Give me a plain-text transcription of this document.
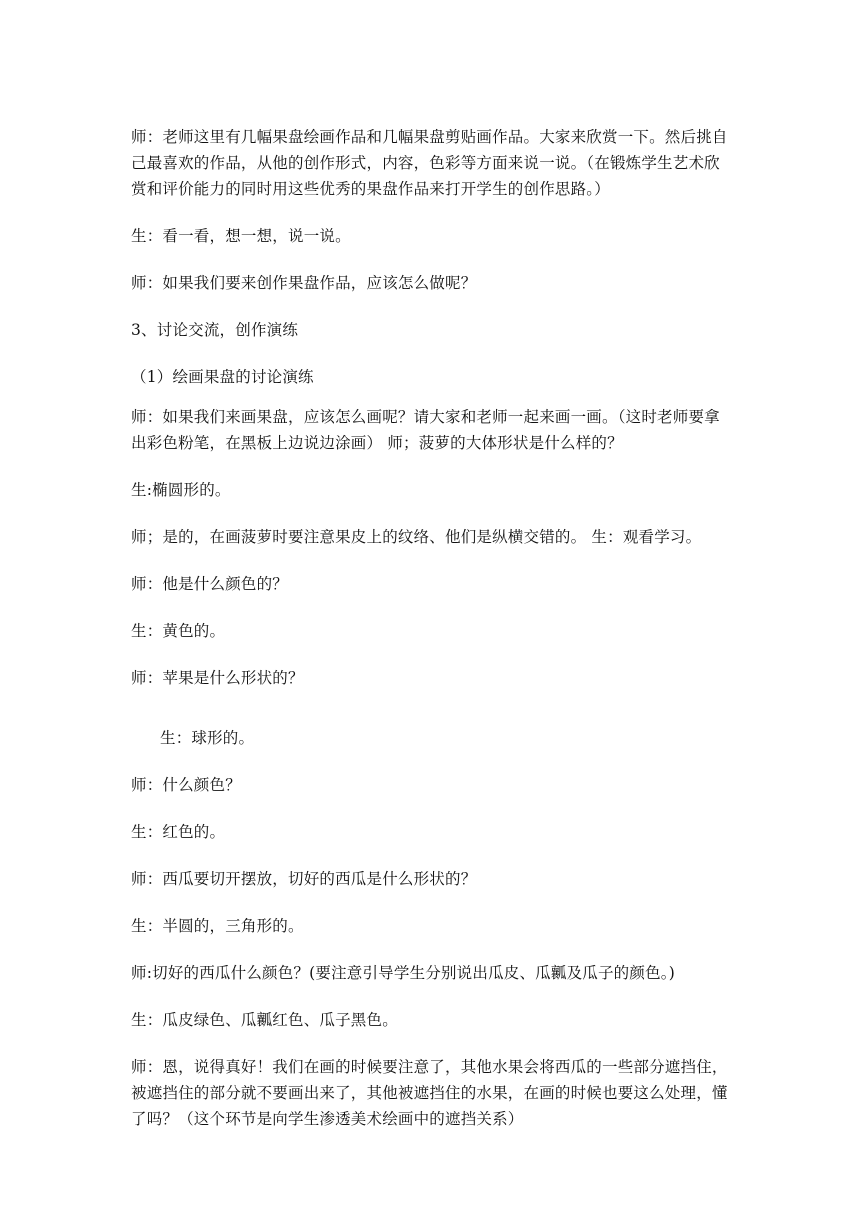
师：老师这里有几幅果盘绘画作品和几幅果盘剪贴画作品。大家来欣赏一下。然后挑自己最喜欢的作品，从他的创作形式，内容，色彩等方面来说一说。（在锻炼学生艺术欣赏和评价能力的同时用这些优秀的果盘作品来打开学生的创作思路。）

生：看一看，想一想，说一说。

师：如果我们要来创作果盘作品，应该怎么做呢？

3、讨论交流，创作演练

（1）绘画果盘的讨论演练

师：如果我们来画果盘，应该怎么画呢？请大家和老师一起来画一画。（这时老师要拿出彩色粉笔，在黑板上边说边涂画） 师；菠萝的大体形状是什么样的？

生:椭圆形的。

师；是的，在画菠萝时要注意果皮上的纹络、他们是纵横交错的。 生：观看学习。

师：他是什么颜色的？

生：黄色的。

师：苹果是什么形状的？

生：球形的。

师：什么颜色？

生：红色的。

师：西瓜要切开摆放，切好的西瓜是什么形状的？

生：半圆的，三角形的。

师:切好的西瓜什么颜色？(要注意引导学生分别说出瓜皮、瓜瓤及瓜子的颜色。)

生：瓜皮绿色、瓜瓤红色、瓜子黑色。

师：恩，说得真好！我们在画的时候要注意了，其他水果会将西瓜的一些部分遮挡住，被遮挡住的部分就不要画出来了，其他被遮挡住的水果，在画的时候也要这么处理，懂了吗？（这个环节是向学生渗透美术绘画中的遮挡关系）
